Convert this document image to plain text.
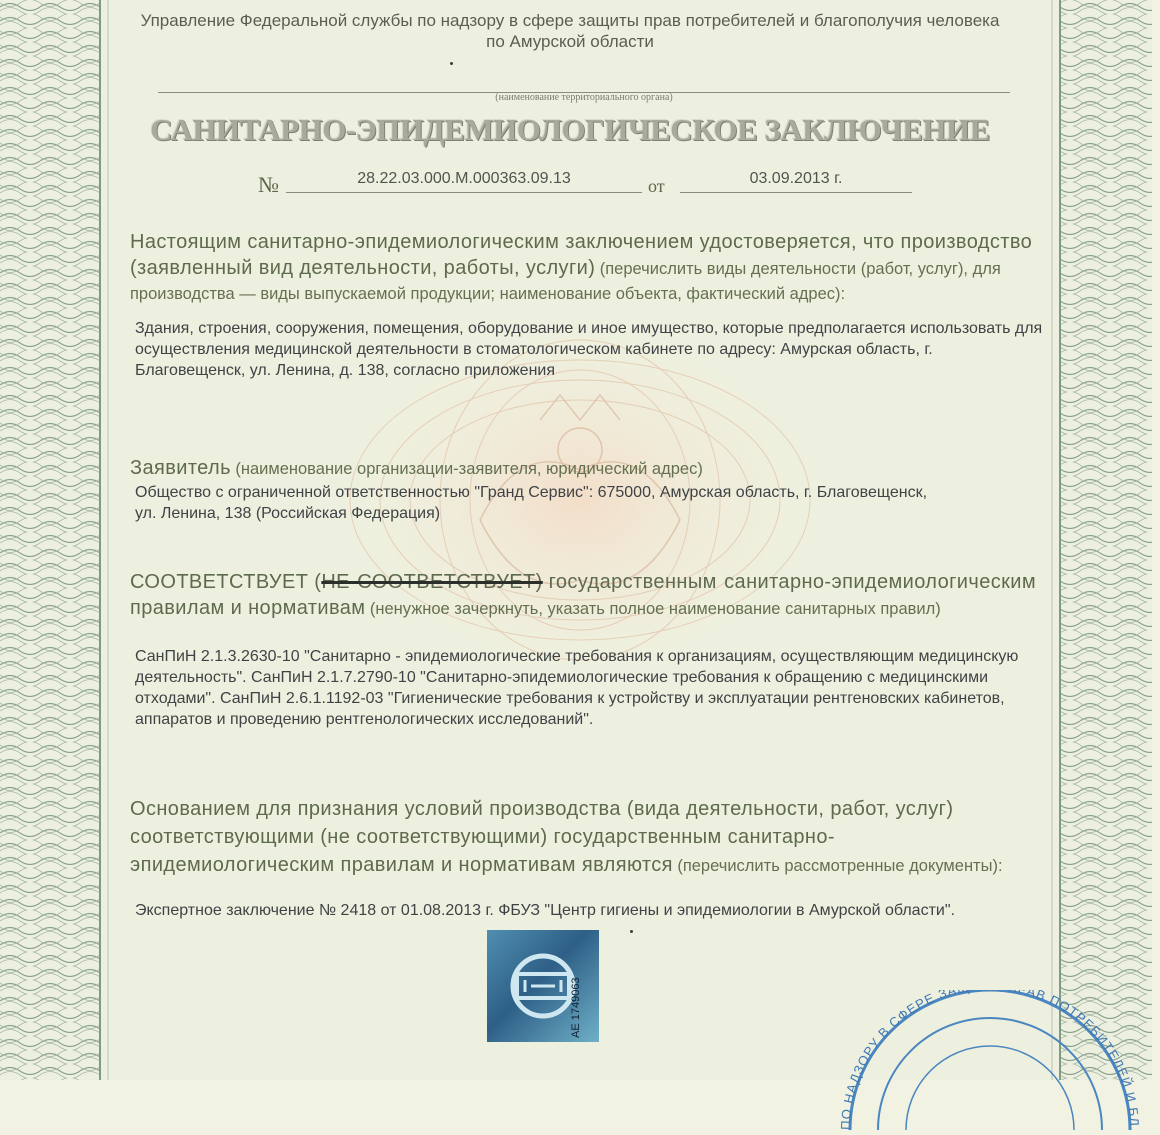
Управление Федеральной службы по надзору в сфере защиты прав потребителей и благополучия человека по Амурской области
(наименование территориального органа)
САНИТАРНО-ЭПИДЕМИОЛОГИЧЕСКОЕ ЗАКЛЮЧЕНИЕ
№	28.22.03.000.М.000363.09.13	от	03.09.2013 г.
Настоящим санитарно-эпидемиологическим заключением удостоверяется, что производство (заявленный вид деятельности, работы, услуги) (перечислить виды деятельности (работ, услуг), для производства — виды выпускаемой продукции; наименование объекта, фактический адрес):
Здания, строения, сооружения, помещения, оборудование и иное имущество, которые предполагается использовать для осуществления медицинской деятельности в стоматологическом кабинете по адресу: Амурская область, г. Благовещенск, ул. Ленина, д. 138, согласно приложения
Заявитель (наименование организации-заявителя, юридический адрес)
Общество с ограниченной ответственностью "Гранд Сервис": 675000, Амурская область, г. Благовещенск, ул. Ленина, 138 (Российская Федерация)
СООТВЕТСТВУЕТ (НЕ СООТВЕТСТВУЕТ) государственным санитарно-эпидемиологическим правилам и нормативам (ненужное зачеркнуть, указать полное наименование санитарных правил)
СанПиН 2.1.3.2630-10 "Санитарно - эпидемиологические требования к организациям, осуществляющим медицинскую деятельность". СанПиН 2.1.7.2790-10 "Санитарно-эпидемиологические требования к обращению с медицинскими отходами". СанПиН 2.6.1.1192-03 "Гигиенические требования к устройству и эксплуатации рентгеновских кабинетов, аппаратов и проведению рентгенологических исследований".
Основанием для признания условий производства (вида деятельности, работ, услуг) соответствующими (не соответствующими) государственным санитарно-эпидемиологическим правилам и нормативам являются (перечислить рассмотренные документы):
Экспертное заключение № 2418 от 01.08.2013 г. ФБУЗ "Центр гигиены и эпидемиологии в Амурской области".
АЕ 1749063
ПО НАДЗОРУ В СФЕРЕ ЗА АВ ПОТРЕБИТЕЛЕЙ И БЛ
